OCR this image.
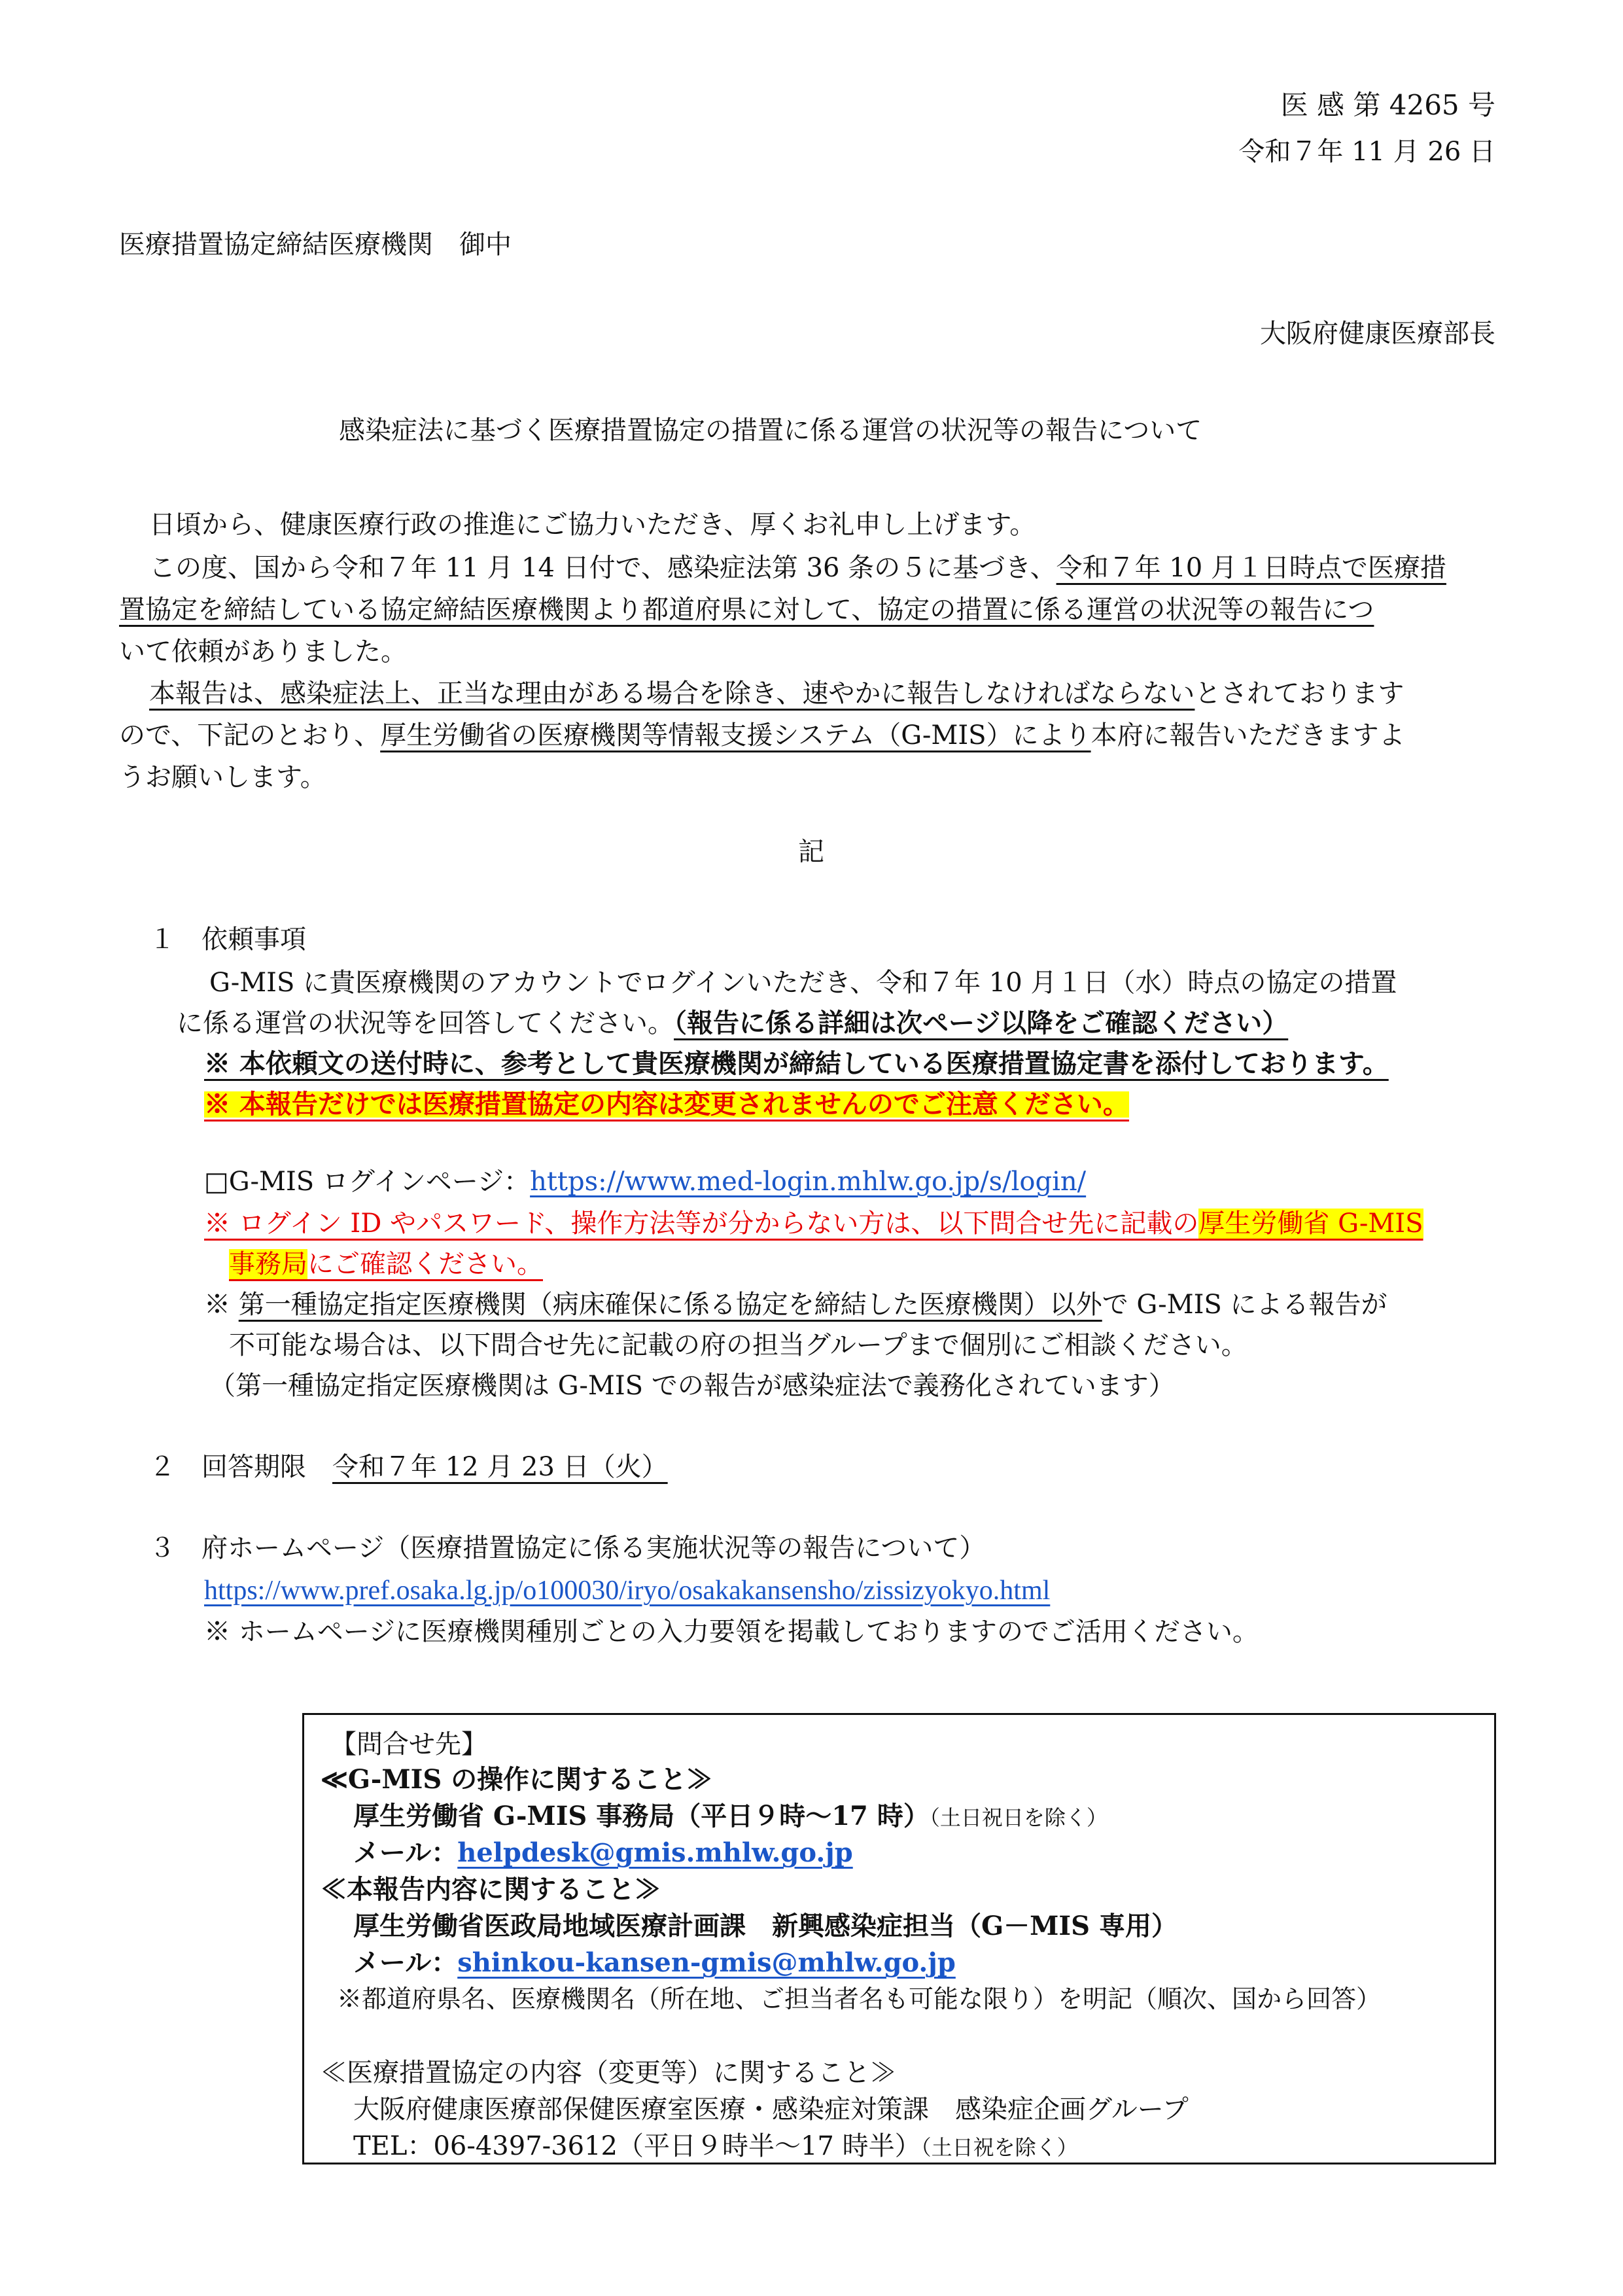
医 感 第 4265 号
令和７年 11 月 26 日
医療措置協定締結医療機関　御中
大阪府健康医療部長
感染症法に基づく医療措置協定の措置に係る運営の状況等の報告について
日頃から、健康医療行政の推進にご協力いただき、厚くお礼申し上げます。
この度、国から令和７年 11 月 14 日付で、感染症法第 36 条の５に基づき、令和７年 10 月１日時点で医療措
置協定を締結している協定締結医療機関より都道府県に対して、協定の措置に係る運営の状況等の報告につ
いて依頼がありました。
本報告は、感染症法上、正当な理由がある場合を除き、速やかに報告しなければならないとされております
ので、下記のとおり、厚生労働省の医療機関等情報支援システム（G-MIS）により本府に報告いただきますよ
うお願いします。
記
１　依頼事項
G-MIS に貴医療機関のアカウントでログインいただき、令和７年 10 月１日（水）時点の協定の措置
に係る運営の状況等を回答してください。（報告に係る詳細は次ページ以降をご確認ください）
※ 本依頼文の送付時に、参考として貴医療機関が締結している医療措置協定書を添付しております。
※ 本報告だけでは医療措置協定の内容は変更されませんのでご注意ください。
□G-MIS ログインページ：https://www.med-login.mhlw.go.jp/s/login/
※ ログイン ID やパスワード、操作方法等が分からない方は、以下問合せ先に記載の厚生労働省 G-MIS
事務局にご確認ください。
※ 第一種協定指定医療機関（病床確保に係る協定を締結した医療機関）以外で G-MIS による報告が
不可能な場合は、以下問合せ先に記載の府の担当グループまで個別にご相談ください。
（第一種協定指定医療機関は G-MIS での報告が感染症法で義務化されています）
２　回答期限 令和７年 12 月 23 日（火）
３　府ホームページ（医療措置協定に係る実施状況等の報告について）
https://www.pref.osaka.lg.jp/o100030/iryo/osakakansensho/zissizyokyo.html
※ ホームページに医療機関種別ごとの入力要領を掲載しておりますのでご活用ください。
【問合せ先】
≪G-MIS の操作に関すること≫
厚生労働省 G-MIS 事務局（平日９時～17 時）（土日祝日を除く）
メール：helpdesk@gmis.mhlw.go.jp
≪本報告内容に関すること≫
厚生労働省医政局地域医療計画課　新興感染症担当（G－MIS 専用）
メール：shinkou-kansen-gmis@mhlw.go.jp
※都道府県名、医療機関名（所在地、ご担当者名も可能な限り）を明記（順次、国から回答）
≪医療措置協定の内容（変更等）に関すること≫
大阪府健康医療部保健医療室医療・感染症対策課　感染症企画グループ
TEL：06-4397-3612（平日９時半～17 時半）（土日祝を除く）
